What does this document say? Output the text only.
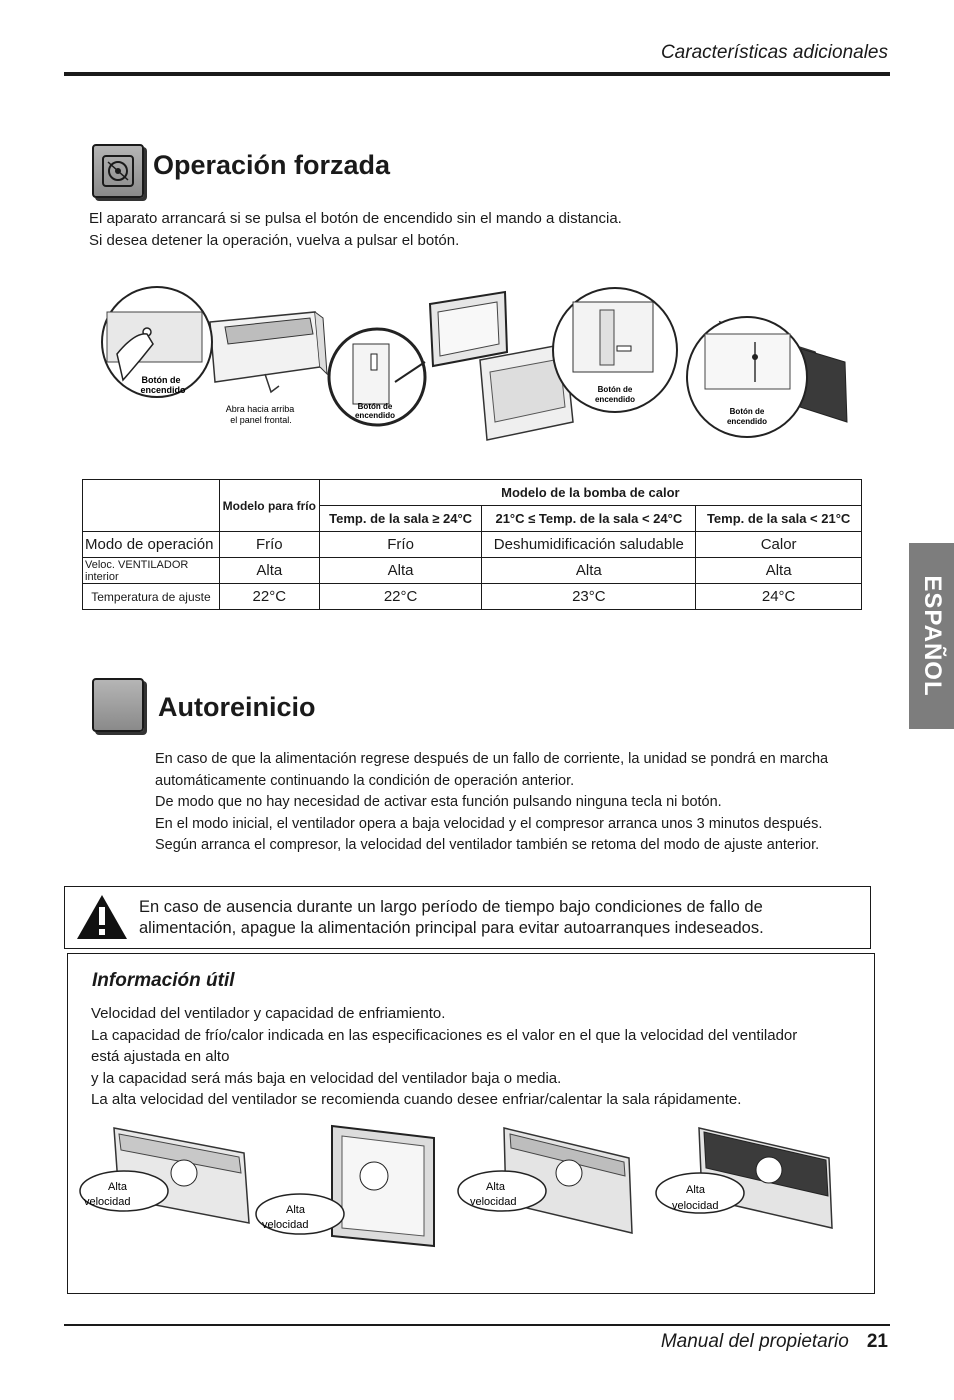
Características adicionales
Operación forzada

El aparato arrancará si se pulsa el botón de encendido sin el mando a distancia.

Si desea detener la operación, vuelva a pulsar el botón.

Botón de
encendido
Abra hacia arriba
el panel frontal.
Botón de
encendido
Botón de
encendido
Botón de
encendido
	Modelo para frío	Modelo de la bomba de calor		
		Temp. de la sala ≥ 24°C	21°C ≤ Temp. de la sala < 24°C	Temp. de la sala < 21°C
Modo de operación	Frío	Frío	Deshumidificación saludable	Calor
Veloc. VENTILADOR interior	Alta	Alta	Alta	Alta
Temperatura de ajuste	22°C	22°C	23°C	24°C	ESPAÑOL
Autoreinicio

En caso de que la alimentación regrese después de un fallo de corriente, la unidad se pondrá en marcha

automáticamente continuando la condición de operación anterior.

De modo que no hay necesidad de activar esta función pulsando ninguna tecla ni botón.

En el modo inicial, el ventilador opera a baja velocidad y el compresor arranca unos 3 minutos después.

Según arranca el compresor, la velocidad del ventilador también se retoma del modo de ajuste anterior.

En caso de ausencia durante un largo período de tiempo bajo condiciones de fallo de
alimentación, apague la alimentación principal para evitar autoarranques indeseados.
Información útil

Velocidad del ventilador y capacidad de enfriamiento.

La capacidad de frío/calor indicada en las especificaciones es el valor en el que la velocidad del ventilador

está ajustada en alto

y la capacidad será más baja en velocidad del ventilador baja o media.

La alta velocidad del ventilador se recomienda cuando desee enfriar/calentar la sala rápidamente.

Alta
velocidad
Alta
velocidad
Alta
velocidad
Alta
velocidad
Manual del propietario 21
